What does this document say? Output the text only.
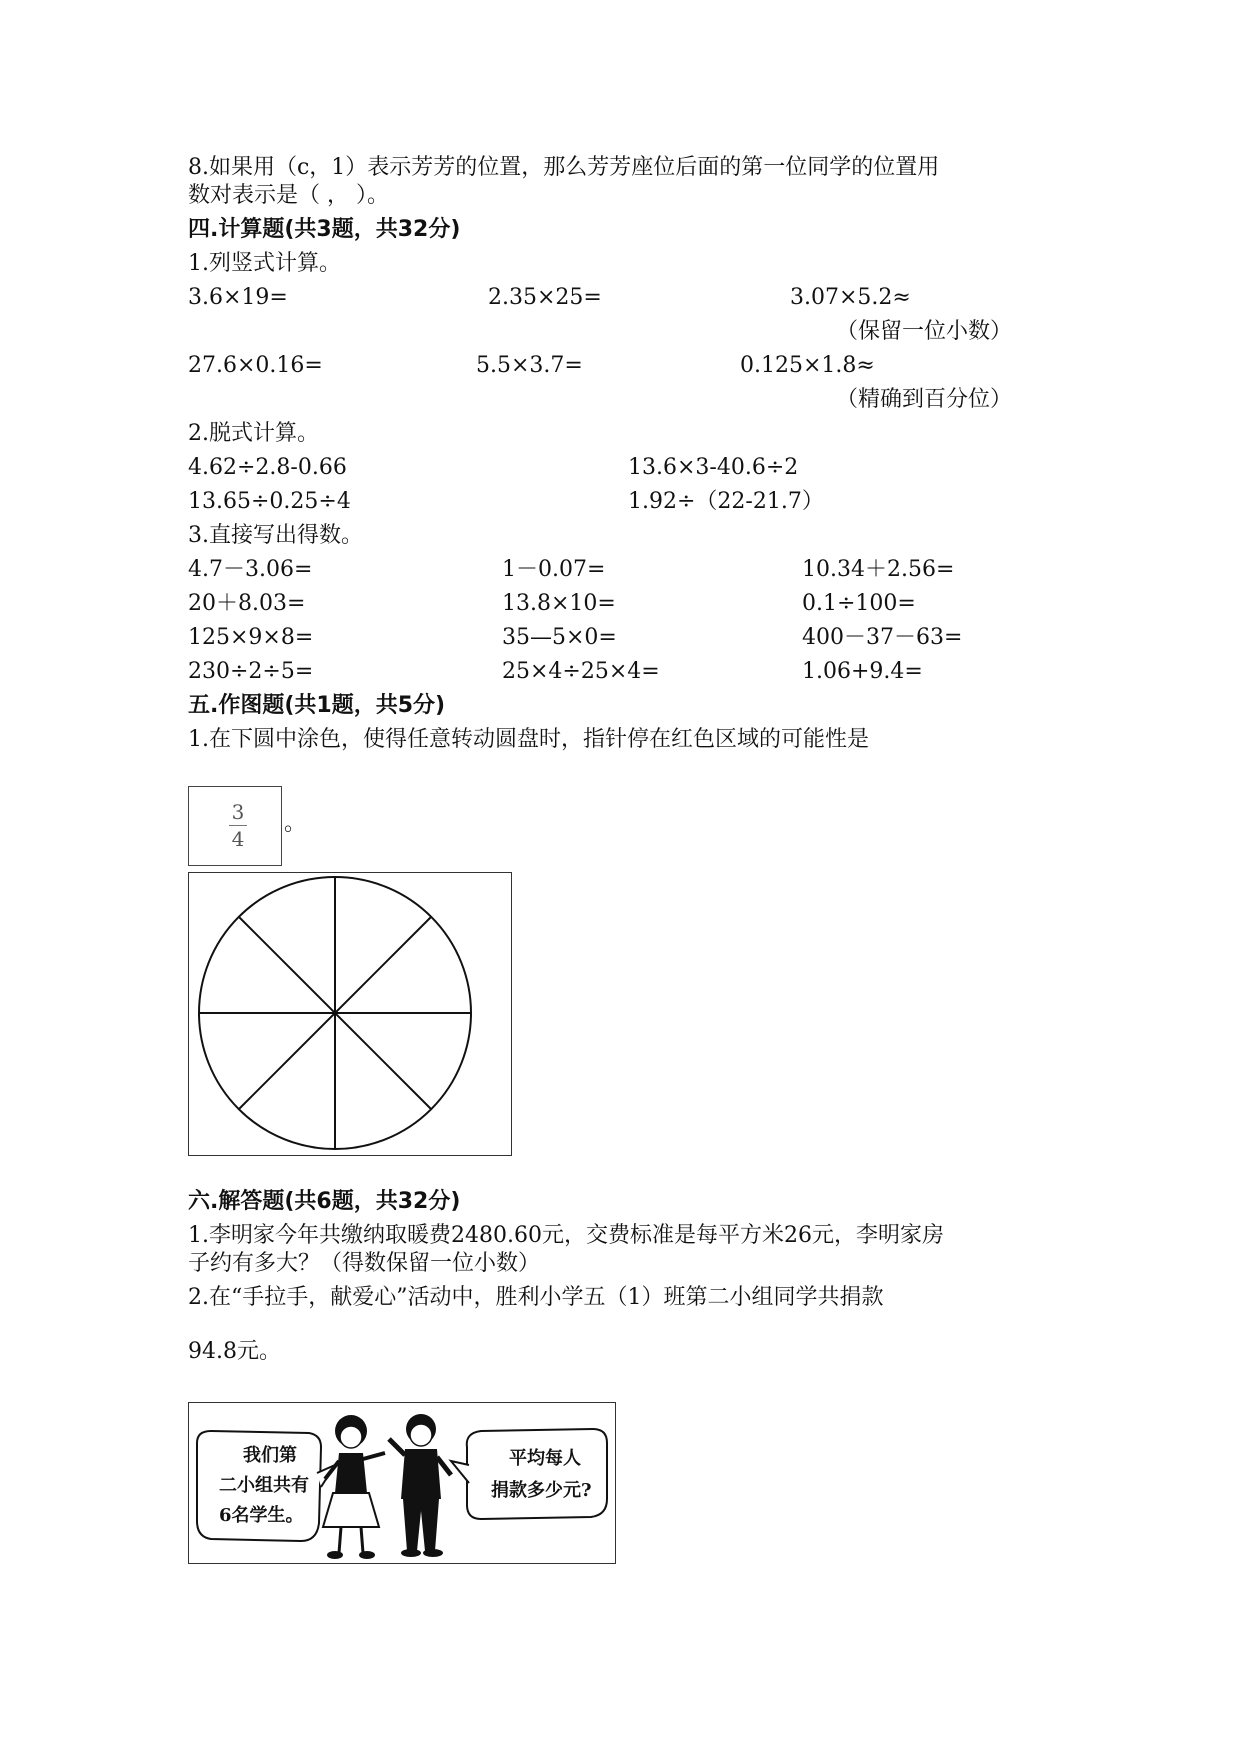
8.如果用（c，1）表示芳芳的位置，那么芳芳座位后面的第一位同学的位置用
数对表示是（ ， ）。
四.计算题(共3题，共32分)
1.列竖式计算。
3.6×19=	2.35×25=	3.07×5.2≈
（保留一位小数）
27.6×0.16=	5.5×3.7=	0.125×1.8≈
（精确到百分位）
2.脱式计算。
4.62÷2.8-0.66	13.6×3-40.6÷2
13.65÷0.25÷4	1.92÷（22-21.7）
3.直接写出得数。
4.7－3.06=	1－0.07=	10.34＋2.56=
20＋8.03=	13.8×10=	0.1÷100=
125×9×8=	35—5×0=	400－37－63=
230÷2÷5=	25×4÷25×4=	1.06+9.4=
五.作图题(共1题，共5分)
1.在下圆中涂色，使得任意转动圆盘时，指针停在红色区域的可能性是
3
4
。
六.解答题(共6题，共32分)
1.李明家今年共缴纳取暖费2480.60元，交费标准是每平方米26元，李明家房
子约有多大？（得数保留一位小数）
2.在“手拉手，献爱心”活动中，胜利小学五（1）班第二小组同学共捐款
94.8元。
我们第
二小组共有
6名学生。
平均每人
捐款多少元?
